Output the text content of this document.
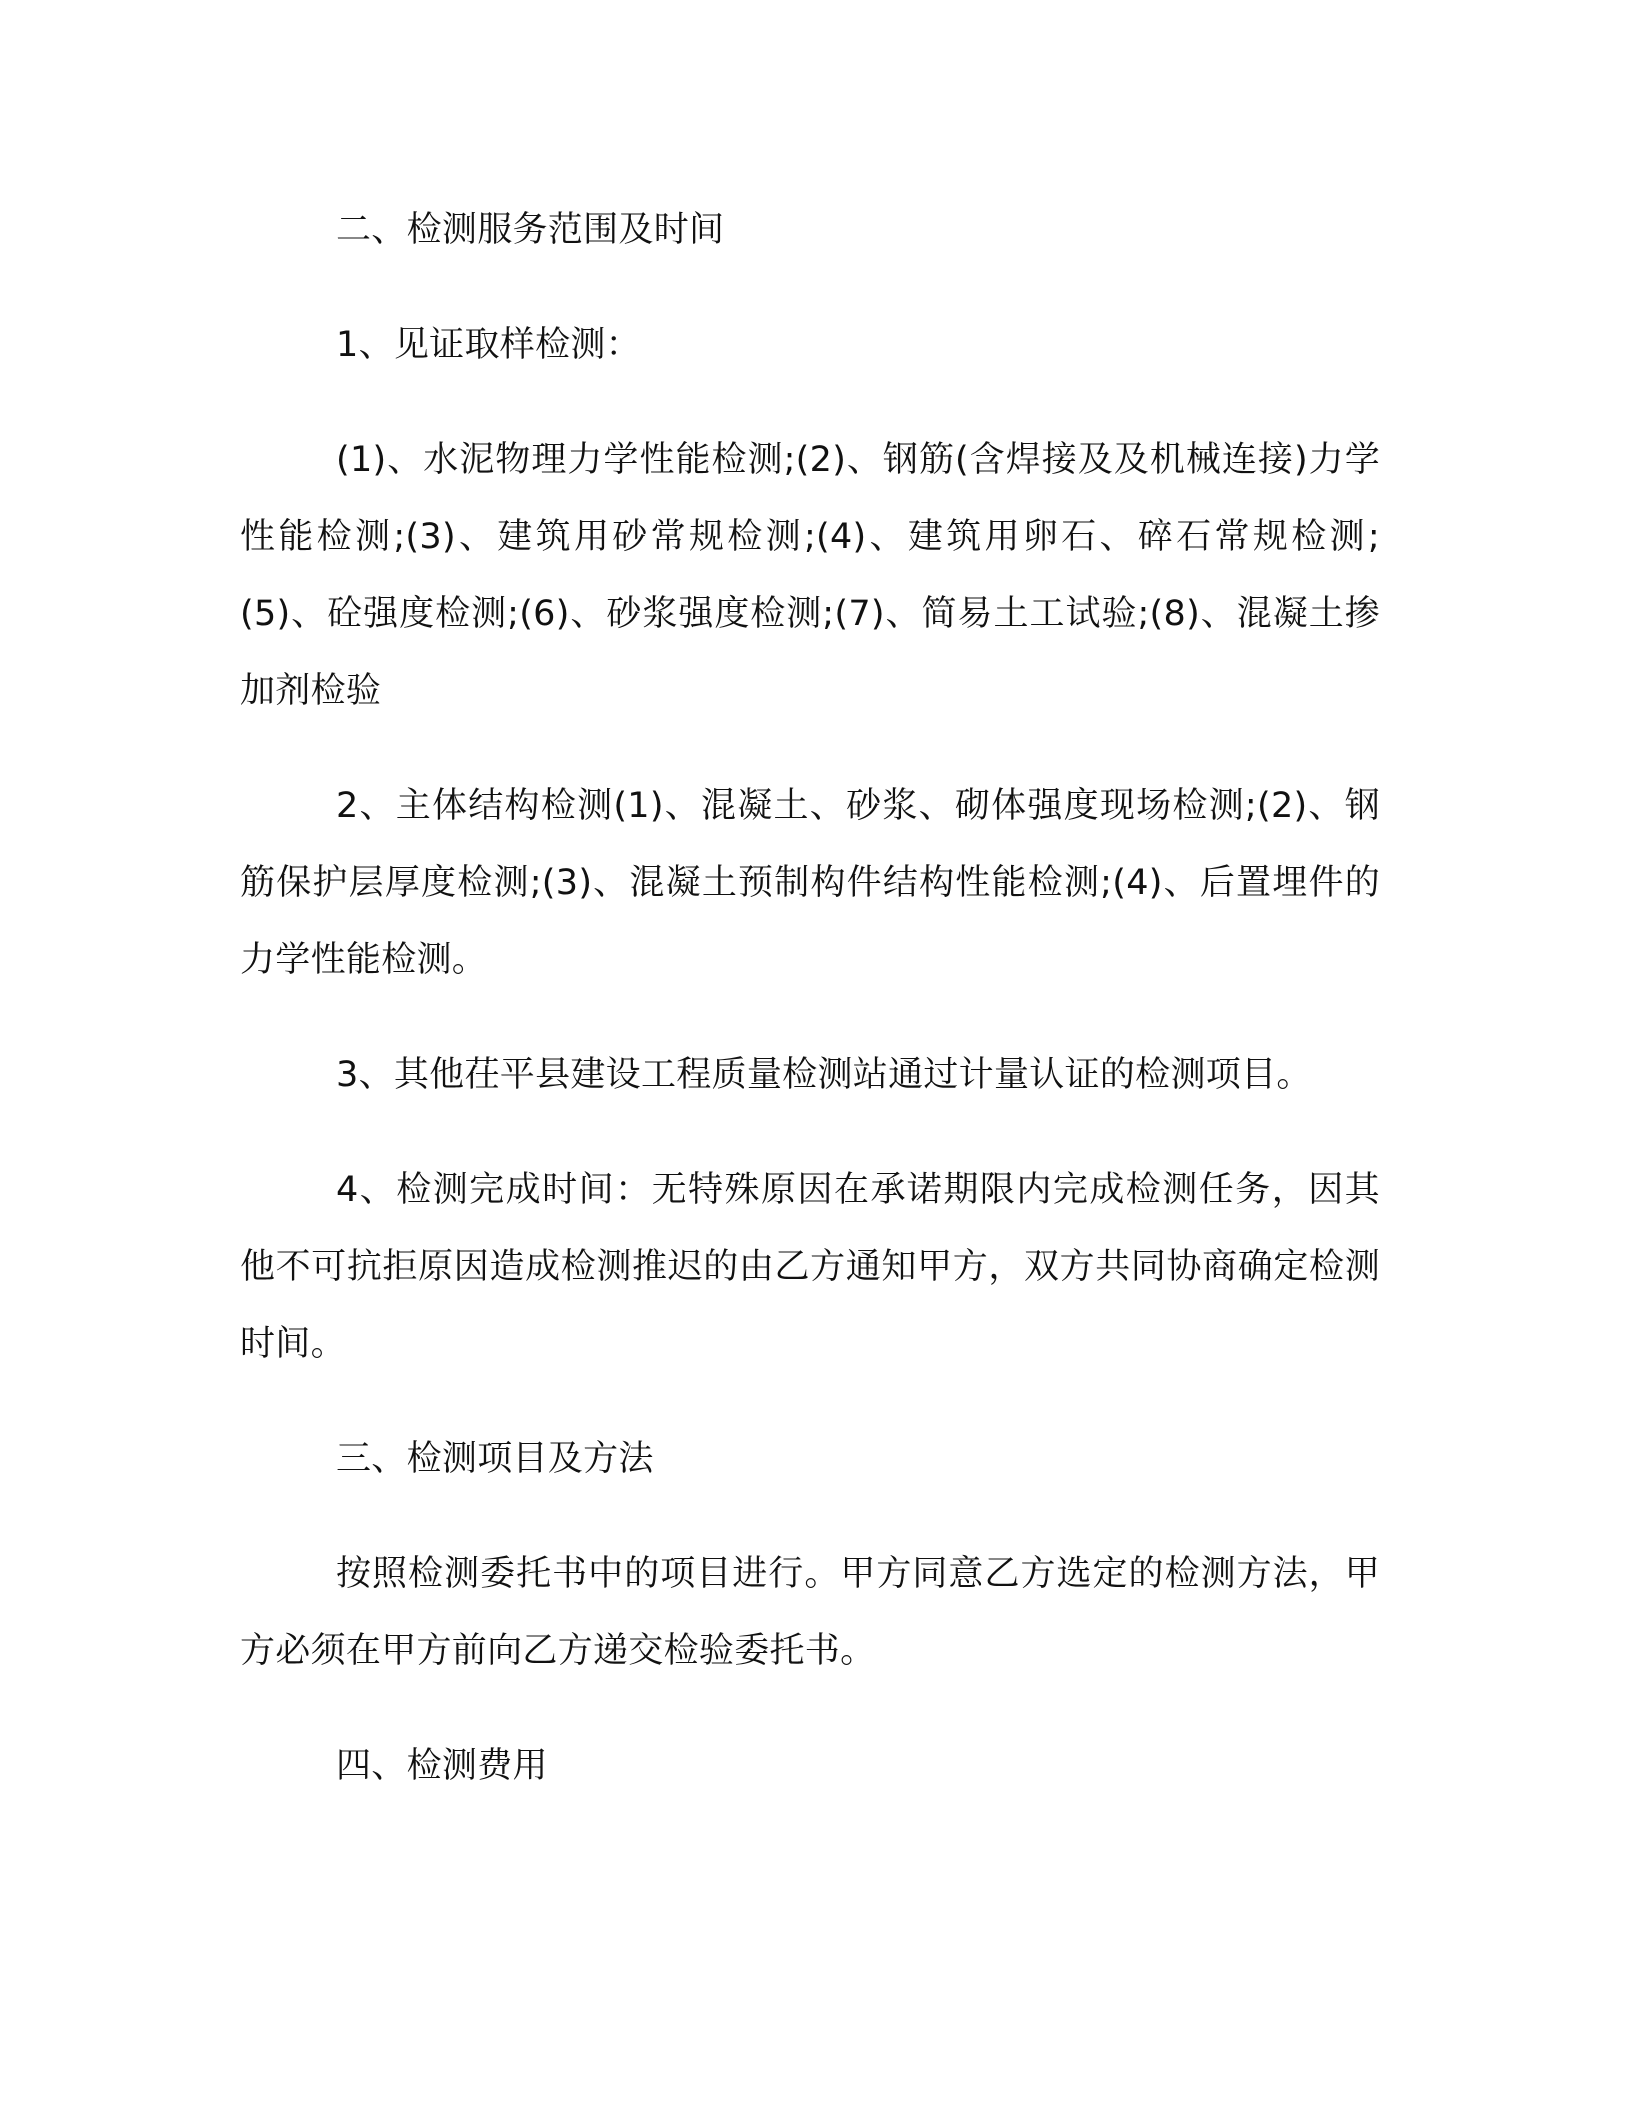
二、检测服务范围及时间

1、见证取样检测：

(1)、水泥物理力学性能检测;(2)、钢筋(含焊接及及机械连接)力学性能检测;(3)、建筑用砂常规检测;(4)、建筑用卵石、碎石常规检测;(5)、砼强度检测;(6)、砂浆强度检测;(7)、简易土工试验;(8)、混凝土掺加剂检验

2、主体结构检测(1)、混凝土、砂浆、砌体强度现场检测;(2)、钢筋保护层厚度检测;(3)、混凝土预制构件结构性能检测;(4)、后置埋件的力学性能检测。

3、其他茌平县建设工程质量检测站通过计量认证的检测项目。

4、检测完成时间：无特殊原因在承诺期限内完成检测任务，因其他不可抗拒原因造成检测推迟的由乙方通知甲方，双方共同协商确定检测时间。

三、检测项目及方法

按照检测委托书中的项目进行。甲方同意乙方选定的检测方法，甲方必须在甲方前向乙方递交检验委托书。

四、检测费用
